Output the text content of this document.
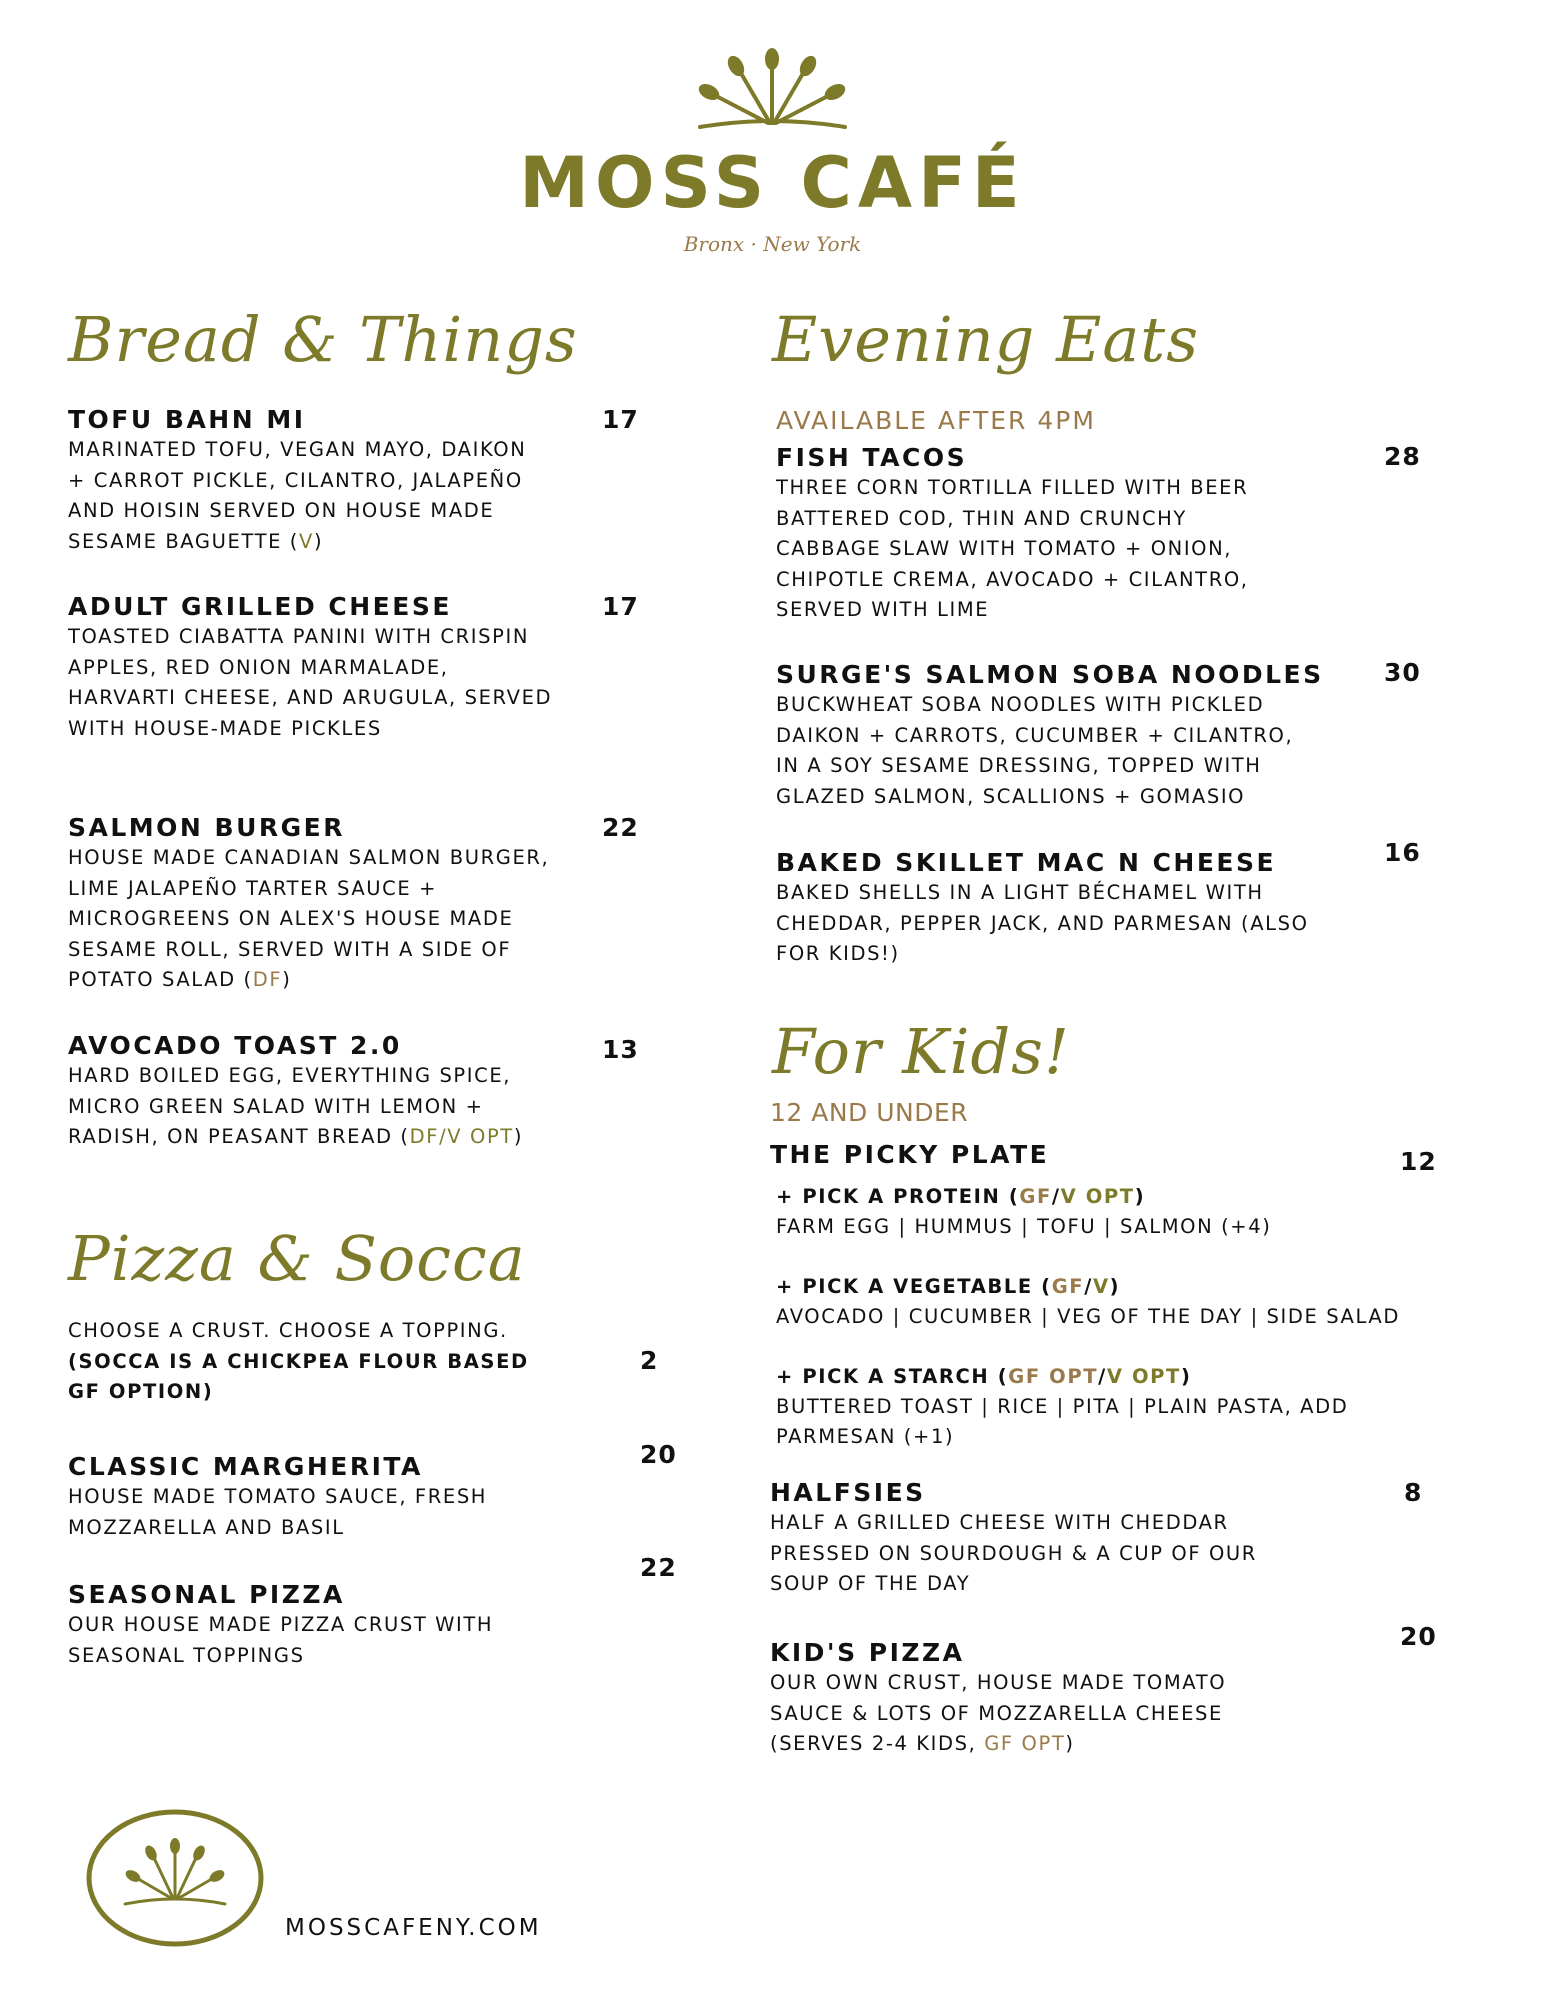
MOSS CAFÉ
Bronx · New York
Bread & Things
TOFU BAHN MI
MARINATED TOFU, VEGAN MAYO, DAIKON + CARROT PICKLE, CILANTRO, JALAPEÑO AND HOISIN SERVED ON HOUSE MADE SESAME BAGUETTE (V)
17
ADULT GRILLED CHEESE
TOASTED CIABATTA PANINI WITH CRISPIN APPLES, RED ONION MARMALADE, HARVARTI CHEESE, AND ARUGULA, SERVED WITH HOUSE-MADE PICKLES
17
SALMON BURGER
HOUSE MADE CANADIAN SALMON BURGER, LIME JALAPEÑO TARTER SAUCE + MICROGREENS ON ALEX'S HOUSE MADE SESAME ROLL, SERVED WITH A SIDE OF POTATO SALAD (DF)
22
AVOCADO TOAST 2.0
HARD BOILED EGG, EVERYTHING SPICE, MICRO GREEN SALAD WITH LEMON + RADISH, ON PEASANT BREAD (DF/V OPT)
13
Pizza & Socca
CHOOSE A CRUST. CHOOSE A TOPPING.
(SOCCA IS A CHICKPEA FLOUR BASED GF OPTION)
2
CLASSIC MARGHERITA
HOUSE MADE TOMATO SAUCE, FRESH MOZZARELLA AND BASIL
20
SEASONAL PIZZA
OUR HOUSE MADE PIZZA CRUST WITH SEASONAL TOPPINGS
22
Evening Eats
AVAILABLE AFTER 4PM
FISH TACOS
THREE CORN TORTILLA FILLED WITH BEER BATTERED COD, THIN AND CRUNCHY CABBAGE SLAW WITH TOMATO + ONION, CHIPOTLE CREMA, AVOCADO + CILANTRO, SERVED WITH LIME
28
SURGE'S SALMON SOBA NOODLES
BUCKWHEAT SOBA NOODLES WITH PICKLED DAIKON + CARROTS, CUCUMBER + CILANTRO, IN A SOY SESAME DRESSING, TOPPED WITH GLAZED SALMON, SCALLIONS + GOMASIO
30
BAKED SKILLET MAC N CHEESE
BAKED SHELLS IN A LIGHT BÉCHAMEL WITH CHEDDAR, PEPPER JACK, AND PARMESAN (ALSO FOR KIDS!)
16
For Kids!
12 AND UNDER
THE PICKY PLATE	12
+ PICK A PROTEIN (GF/V OPT)
FARM EGG | HUMMUS | TOFU | SALMON (+4)
+ PICK A VEGETABLE (GF/V)
AVOCADO | CUCUMBER | VEG OF THE DAY | SIDE SALAD
+ PICK A STARCH (GF OPT/V OPT)
BUTTERED TOAST | RICE | PITA | PLAIN PASTA, ADD PARMESAN (+1)
HALFSIES
HALF A GRILLED CHEESE WITH CHEDDAR PRESSED ON SOURDOUGH & A CUP OF OUR SOUP OF THE DAY
8
KID'S PIZZA
OUR OWN CRUST, HOUSE MADE TOMATO SAUCE & LOTS OF MOZZARELLA CHEESE (SERVES 2-4 KIDS, GF OPT)
20
MOSSCAFENY.COM
